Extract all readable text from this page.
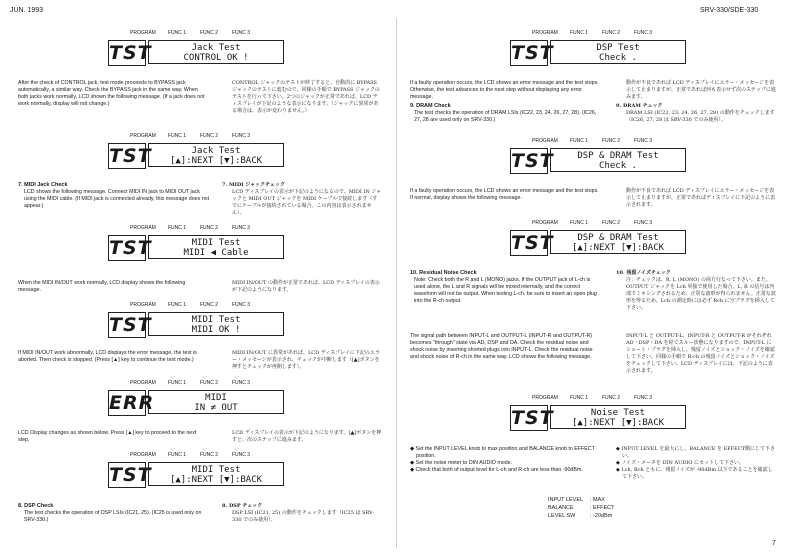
JUN. 1993	SRV-330/SDE-330
PROGRAM FUNC 1	FUNC 2	FUNC 3
TST	Jack Test
CONTROL OK !
After the check of CONTROL jack, test mode proceeds to BYPASS jack automatically, a similar way. Check the BYPASS jack in the same way. When both jacks work normally, LCD shown the following message. (If a jack does not work normally, display will not change.)
CONTROL ジャックのテストが終了すると、自動的に BYPASS ジャックのテストに進むので、同様の手順で BYPASS ジャックのテストを行って下さい。2つのジャックが正常であれば、LCD ディスプレイが下記のような表示になります。（ジャックに異常がある場合は、表示が変わりません。）
PROGRAM FUNC 1	FUNC 2	FUNC 3
TST	Jack Test
[▲]:NEXT [▼]:BACK
7. MIDI Jack Check
LCD shows the following message. Connect MIDI IN jack to MIDI OUT jack using the MIDI cable. (If MIDI jack is connected already, this message does not appear.)
7. MIDI ジャックチェック
LCD ディスプレイの表示が下記のようになるので、MIDI IN ジャックと MIDI OUT ジャックを MIDI ケーブルで接続します（すでにケーブルが接続されている場合、この内容は表示されません）。
PROGRAM FUNC 1	FUNC 2	FUNC 3
TST	MIDI Test
MIDI ◀ Cable
When the MIDI IN/OUT work normally, LCD display shows the following message.
MIDI IN/OUT の動作が正常であれば、LCD ディスプレイの表示が下記のようになります。
PROGRAM FUNC 1	FUNC 2	FUNC 3
TST	MIDI Test
MIDI OK !
If MIDI IN/OUT work abnormally, LCD displays the error message, the test is aborted. Then check is stopped. (Press [▲] key to continue the test mode.)
MIDI IN/OUT に異常があれば、LCD ディスプレイに下記のエラー・メッセージが表示され、チェックが中断します（[▲]ボタンを押すとチェックが再開します）。
PROGRAM FUNC 1	FUNC 2	FUNC 3
ERR	MIDI
IN ≠ OUT
LCD Display changes as shown below. Press [▲] key to proceed to the next step.
LCD ディスプレイの表示が下記のようになります。[▲]ボタンを押すと、次のステップに進みます。
PROGRAM FUNC 1	FUNC 2	FUNC 3
TST	MIDI Test
[▲]:NEXT [▼]:BACK
8. DSP Check
The test checks the operation of DSP LSIs (IC21, 25). (IC25 is used only on SRV-330.)
8. DSP チェック
DSP LSI (IC21, 25) の動作をチェックします（IC25 は SRV-330 でのみ使用）。
PROGRAM FUNC 1	FUNC 2	FUNC 3
TST	DSP Test
Check .
If a faulty operation occurs, the LCD shows an error message and the test stops. Otherwise, the test advances to the next step without displaying any error message.
動作が不良であれば LCD ディスプレイにエラー・メッセージを表示して止まりますが、正常であれば何も表示せず次のステップに進みます。
9. DRAM Check
The test checks the operation of DRAM LSIs (IC22, 23, 24, 26, 27, 28). (IC26, 27, 28 are used only on SRV-330.)
9. DRAM チェック
DRAM LSI (IC22, 23, 24, 26, 27, 28) の動作をチェックします（IC26, 27, 28 は SRV-330 でのみ使用）。
PROGRAM FUNC 1	FUNC 2	FUNC 3
TST	DSP & DRAM Test
Check .
If a faulty operation occurs, the LCD shows an error message and the test stops. If normal, display shows the following message.
動作が不良であれば LCD ディスプレイにエラー・メッセージを表示して止まりますが、正常であればディスプレイに下記のように表示されます。
PROGRAM FUNC 1	FUNC 2	FUNC 3
TST	DSP & DRAM Test
[▲]:NEXT [▼]:BACK
10. Residual Noise Check
Note: Check both the R and L (MONO) jacks. If the OUTPUT jack of L-ch is used alone, the L and R signals will be mixed internally, and the correct waveform will not be output. When testing L-ch, be sure to insert an open plug into the R-ch output.
10. 残留ノイズチェック
注：チェックは、R, L (MONO) の両方行なって下さい。また、OUTPUT ジャックを Lch 単独で使用した場合、L, R の信号は内部でミキシングされるため、正常な波形が得られません。正常な波形を得るため、Lch の測定時には必ず Rch に空プラグを挿入して下さい。
The signal path between INPUT-L and OUTPUT-L (INPUT-R and OUTPUT-R) becomes "through" state via AD, DSP and DA. Check the residual noise and shock noise by inserting shorted plugs into INPUT-L. Check the residual noise and shock noise of R-ch in the same way. LCD shows the following message.
INPUT-L と OUTPUT-L、INPUT-R と OUTPUT-R がそれぞれ AD・DSP・DA を経てスルー状態になりますので、INPUT-L にショート・プラグを挿入し、残留ノイズとショック・ノイズを確認して下さい。同様の手順で R-ch の残留ノイズとショック・ノイズをチェックして下さい。LCD ディスプレイには、下記のように表示されます。
PROGRAM FUNC 1	FUNC 2	FUNC 3
TST	Noise Test
[▲]:NEXT [▼]:BACK
◆ Set the INPUT LEVEL knob to max position and BALANCE knob to EFFECT position.
◆ Set the noise meter to DIN AUDIO mode.
◆ Check that both of output level for L-ch and R-ch are less than -90dBm.
◆ INPUT LEVEL を最大にし、BALANCE を EFFECT側にして下さい。
◆ ノイズ・メータを DIN AUDIO にセットして下さい。
◆ Lch, Rch ともに、残留ノイズが -90dBm 以下であることを確認して下さい。
INPUT LEVEL : MAX
BALANCE	: EFFECT
LEVEL SW	: -20dBm
7
